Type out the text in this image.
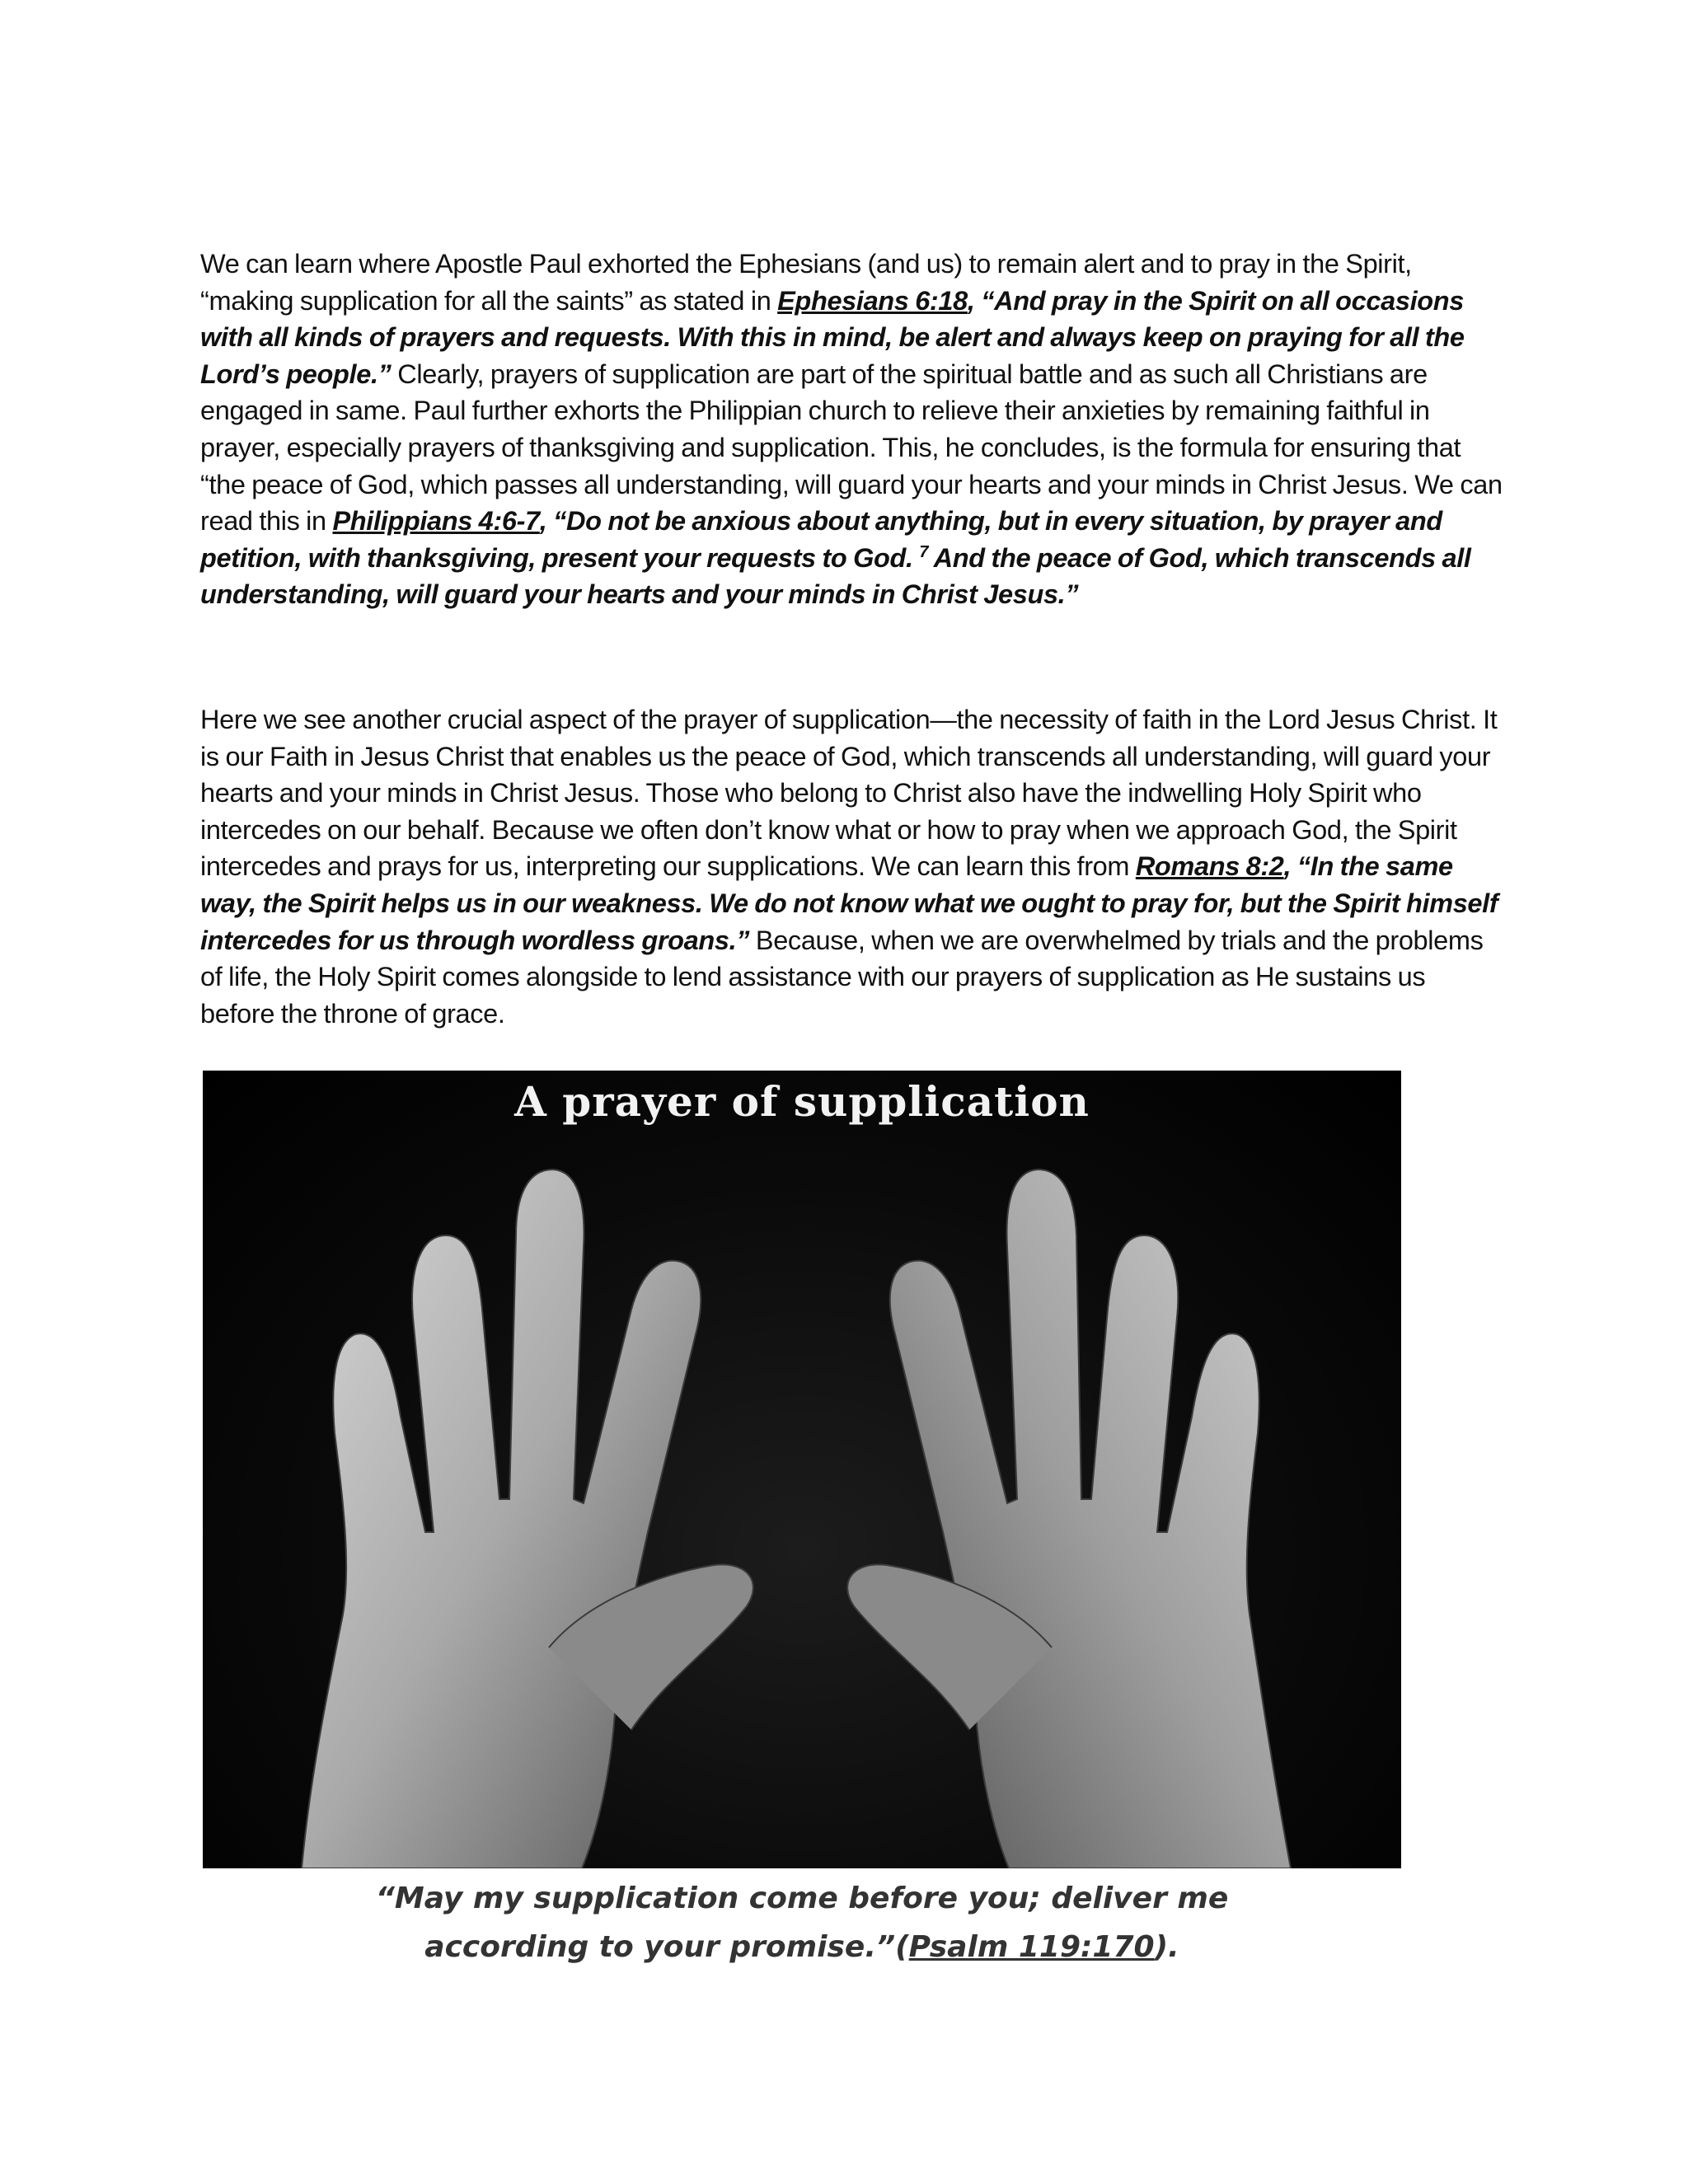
We can learn where Apostle Paul exhorted the Ephesians (and us) to remain alert and to pray in the Spirit, “making supplication for all the saints” as stated in Ephesians 6:18, “And pray in the Spirit on all occasions with all kinds of prayers and requests. With this in mind, be alert and always keep on praying for all the Lord’s people.” Clearly, prayers of supplication are part of the spiritual battle and as such all Christians are engaged in same. Paul further exhorts the Philippian church to relieve their anxieties by remaining faithful in prayer, especially prayers of thanksgiving and supplication. This, he concludes, is the formula for ensuring that “the peace of God, which passes all understanding, will guard your hearts and your minds in Christ Jesus. We can read this in Philippians 4:6-7, “Do not be anxious about anything, but in every situation, by prayer and petition, with thanksgiving, present your requests to God. $^7$ And the peace of God, which transcends all understanding, will guard your hearts and your minds in Christ Jesus.”
Here we see another crucial aspect of the prayer of supplication—the necessity of faith in the Lord Jesus Christ. It is our Faith in Jesus Christ that enables us the peace of God, which transcends all understanding, will guard your hearts and your minds in Christ Jesus. Those who belong to Christ also have the indwelling Holy Spirit who intercedes on our behalf. Because we often don’t know what or how to pray when we approach God, the Spirit intercedes and prays for us, interpreting our supplications. We can learn this from Romans 8:2, “In the same way, the Spirit helps us in our weakness. We do not know what we ought to pray for, but the Spirit himself intercedes for us through wordless groans.” Because, when we are overwhelmed by trials and the problems of life, the Holy Spirit comes alongside to lend assistance with our prayers of supplication as He sustains us before the throne of grace.
A prayer of supplication
“May my supplication come before you; deliver me
according to your promise.”(Psalm 119:170).
